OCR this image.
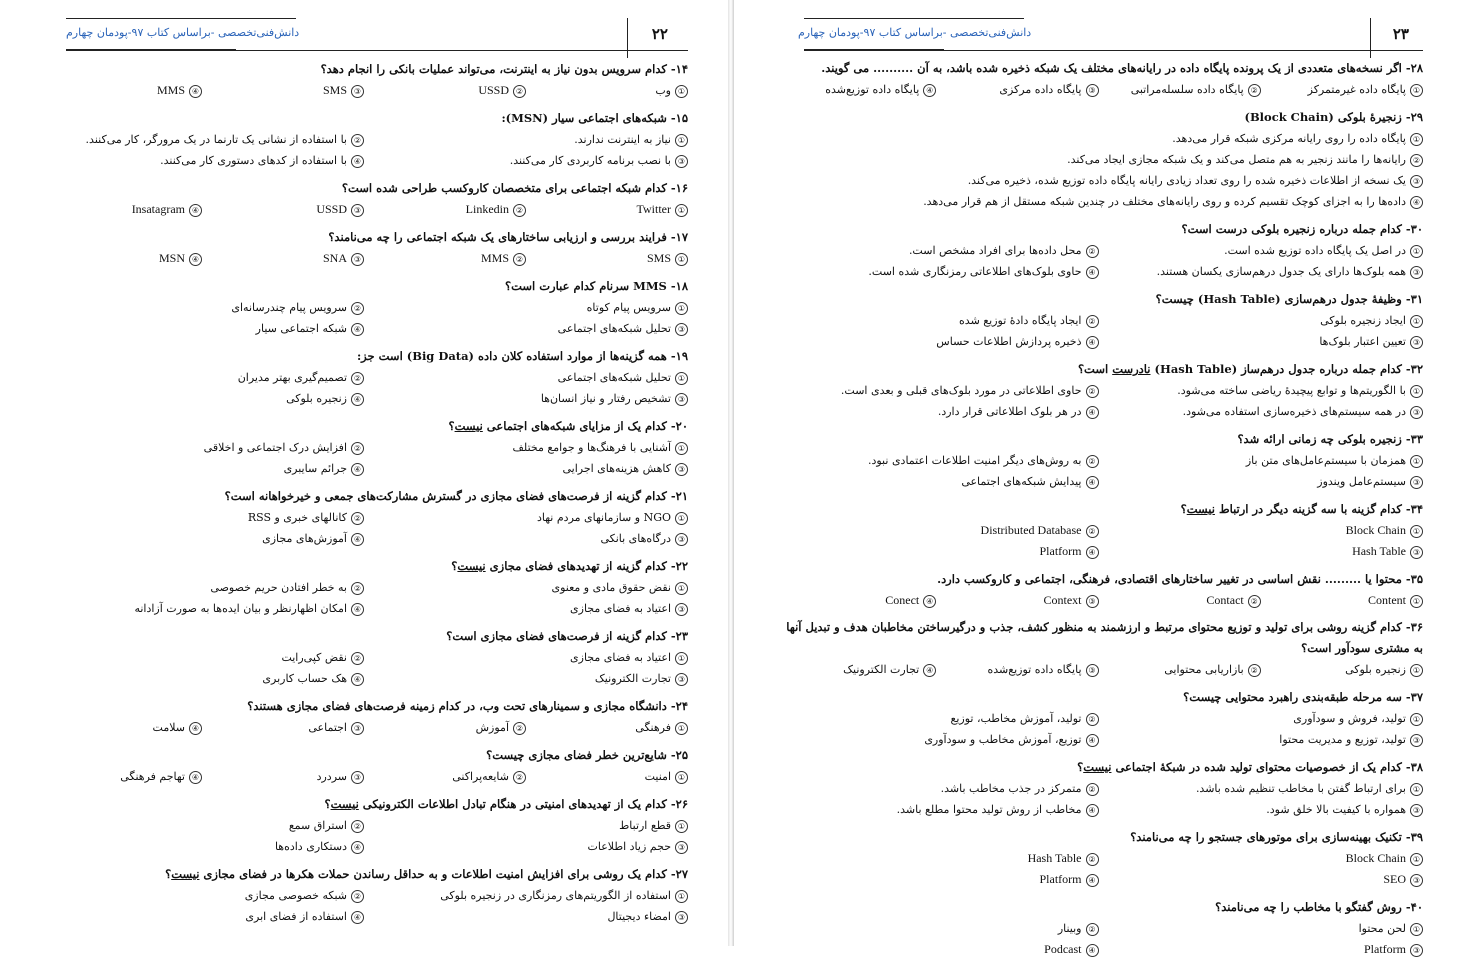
۲۲
دانش‌فنی‌تخصصی -براساس کتاب ۹۷-پودمان چهارم
۱۴- کدام سرویس بدون نیاز به اینترنت، می‌تواند عملیات بانکی را انجام دهد؟
①وب
②USSD
③SMS
④MMS
۱۵- شبکه‌های اجتماعی سیار (MSN):
①نیاز به اینترنت ندارند.
②با استفاده از نشانی یک تارنما در یک مرورگر، کار می‌کنند.
③با نصب برنامه کاربردی کار می‌کنند.
④با استفاده از کدهای دستوری کار می‌کنند.
۱۶- کدام شبکه اجتماعی برای متخصصان کاروکسب طراحی شده است؟
①Twitter
②Linkedin
③USSD
④Insatagram
۱۷- فرایند بررسی و ارزیابی ساختارهای یک شبکه اجتماعی را چه می‌نامند؟
①SMS
②MMS
③SNA
④MSN
۱۸- MMS سرنام کدام عبارت است؟
①سرویس پیام کوتاه
②سرویس پیام چندرسانه‌ای
③تحلیل شبکه‌های اجتماعی
④شبکه اجتماعی سیار
۱۹- همه گزینه‌ها از موارد استفاده کلان داده (Big Data) است جز:
①تحلیل شبکه‌های اجتماعی
②تصمیم‌گیری بهتر مدیران
③تشخیص رفتار و نیاز انسان‌ها
④زنجیره بلوکی
۲۰- کدام یک از مزایای شبکه‌های اجتماعی نیست؟
①آشنایی با فرهنگ‌ها و جوامع مختلف
②افزایش درک اجتماعی و اخلاقی
③کاهش هزینه‌های اجرایی
④جرائم سایبری
۲۱- کدام گزینه از فرصت‌های فضای مجازی در گسترش مشارکت‌های جمعی و خیرخواهانه است؟
①NGO و سازمانهای مردم نهاد
②کانالهای خبری و RSS
③درگاه‌های بانکی
④آموزش‌های مجازی
۲۲- کدام گزینه از تهدیدهای فضای مجازی نیست؟
①نقض حقوق مادی و معنوی
②به خطر افتادن حریم خصوصی
③اعتیاد به فضای مجازی
④امکان اظهارنظر و بیان ایده‌ها به صورت آزادانه
۲۳- کدام گزینه از فرصت‌های فضای مجازی است؟
①اعتیاد به فضای مجازی
②نقض کپی‌رایت
③تجارت الکترونیک
④هک حساب کاربری
۲۴- دانشگاه مجازی و سمینارهای تحت وب، در کدام زمینه فرصت‌های فضای مجازی هستند؟
①فرهنگی
②آموزش
③اجتماعی
④سلامت
۲۵- شایع‌ترین خطر فضای مجازی چیست؟
①امنیت
②شایعه‌پراکنی
③سردرد
④تهاجم فرهنگی
۲۶- کدام یک از تهدیدهای امنیتی در هنگام تبادل اطلاعات الکترونیکی نیست؟
①قطع ارتباط
②استراق سمع
③حجم زیاد اطلاعات
④دستکاری داده‌ها
۲۷- کدام یک روشی برای افزایش امنیت اطلاعات و به حداقل رساندن حملات هکرها در فضای مجازی نیست؟
①استفاده از الگوریتم‌های رمزنگاری در زنجیره بلوکی
②شبکه خصوصی مجازی
③امضاء دیجیتال
④استفاده از فضای ابری
۲۳
دانش‌فنی‌تخصصی -براساس کتاب ۹۷-پودمان چهارم
۲۸- اگر نسخه‌های متعددی از یک پرونده پایگاه داده در رایانه‌های مختلف یک شبکه ذخیره شده باشد، به آن .......... می گویند.
①پایگاه داده غیرمتمرکز
②پایگاه داده سلسله‌مراتبی
③پایگاه داده مرکزی
④پایگاه داده توزیع‌شده
۲۹- زنجیرهٔ بلوکی (Block Chain)
①پایگاه داده را روی رایانه مرکزی شبکه قرار می‌دهد.
②رایانه‌ها را مانند زنجیر به هم متصل می‌کند و یک شبکه مجازی ایجاد می‌کند.
③یک نسخه از اطلاعات ذخیره شده را روی تعداد زیادی رایانه پایگاه داده توزیع شده، ذخیره می‌کند.
④داده‌ها را به اجزای کوچک تقسیم کرده و روی رایانه‌های مختلف در چندین شبکه مستقل از هم قرار می‌دهد.
۳۰- کدام جمله درباره زنجیره بلوکی درست است؟
①در اصل یک پایگاه داده توزیع شده است.
②محل داده‌ها برای افراد مشخص است.
③همه بلوک‌ها دارای یک جدول درهم‌سازی یکسان هستند.
④حاوی بلوک‌های اطلاعاتی رمزنگاری شده است.
۳۱- وظیفهٔ جدول درهم‌سازی (Hash Table) چیست؟
①ایجاد زنجیره بلوکی
②ایجاد پایگاه دادهٔ توزیع شده
③تعیین اعتبار بلوک‌ها
④ذخیره پردازش اطلاعات حساس
۳۲- کدام جمله درباره جدول درهم‌ساز (Hash Table) نادرست است؟
①با الگوریتم‌ها و توابع پیچیدهٔ ریاضی ساخته می‌شود.
②حاوی اطلاعاتی در مورد بلوک‌های قبلی و بعدی است.
③در همه سیستم‌های ذخیره‌سازی استفاده می‌شود.
④در هر بلوک اطلاعاتی قرار دارد.
۳۳- زنجیره بلوکی چه زمانی ارائه شد؟
①همزمان با سیستم‌عامل‌های متن باز
②به روش‌های دیگر امنیت اطلاعات اعتمادی نبود.
③سیستم‌عامل ویندوز
④پیدایش شبکه‌های اجتماعی
۳۴- کدام گزینه با سه گزینه دیگر در ارتباط نیست؟
①Block Chain
②Distributed Database
③Hash Table
④Platform
۳۵- محتوا یا ......... نقش اساسی در تغییر ساختارهای اقتصادی، فرهنگی، اجتماعی و کاروکسب دارد.
①Content
②Contact
③Context
④Conect
۳۶- کدام گزینه روشی برای تولید و توزیع محتوای مرتبط و ارزشمند به منظور کشف، جذب و درگیرساختن مخاطبان هدف و تبدیل آنها به مشتری سودآور است؟
①زنجیره بلوکی
②بازاریابی محتوایی
③پایگاه داده توزیع‌شده
④تجارت الکترونیک
۳۷- سه مرحله طبقه‌بندی راهبرد محتوایی چیست؟
①تولید، فروش و سودآوری
②تولید، آموزش مخاطب، توزیع
③تولید، توزیع و مدیریت محتوا
④توزیع، آموزش مخاطب و سودآوری
۳۸- کدام یک از خصوصیات محتوای تولید شده در شبکهٔ اجتماعی نیست؟
①برای ارتباط گفتن با مخاطب تنظیم شده باشد.
②متمرکز در جذب مخاطب باشد.
③همواره با کیفیت بالا خلق شود.
④مخاطب از روش تولید محتوا مطلع باشد.
۳۹- تکنیک بهینه‌سازی برای موتورهای جستجو را چه می‌نامند؟
①Block Chain
②Hash Table
③SEO
④Platform
۴۰- روش گفتگو با مخاطب را چه می‌نامند؟
①لحن محتوا
②وبینار
③Platform
④Podcast
